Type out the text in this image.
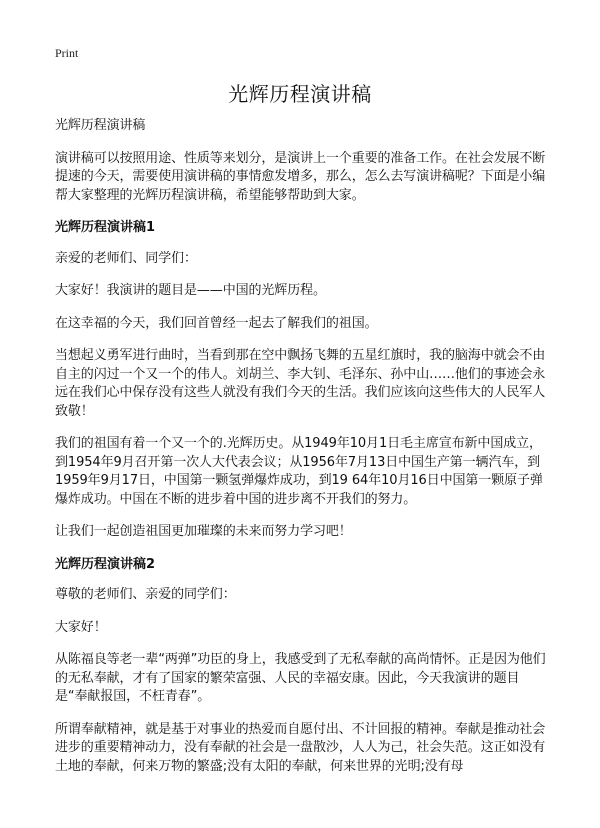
Print
光辉历程演讲稿

光辉历程演讲稿

演讲稿可以按照用途、性质等来划分，是演讲上一个重要的准备工作。在社会发展不断提速的今天，需要使用演讲稿的事情愈发增多，那么，怎么去写演讲稿呢？下面是小编帮大家整理的光辉历程演讲稿，希望能够帮助到大家。

光辉历程演讲稿1

亲爱的老师们、同学们：

大家好！我演讲的题目是——中国的光辉历程。

在这幸福的今天，我们回首曾经一起去了解我们的祖国。

当想起义勇军进行曲时，当看到那在空中飘扬飞舞的五星红旗时，我的脑海中就会不由自主的闪过一个又一个的伟人。刘胡兰、李大钊、毛泽东、孙中山……他们的事迹会永远在我们心中保存没有这些人就没有我们今天的生活。我们应该向这些伟大的人民军人致敬！

我们的祖国有着一个又一个的.光辉历史。从1949年10月1日毛主席宣布新中国成立，到1954年9月召开第一次人大代表会议；从1956年7月13日中国生产第一辆汽车，到1959年9月17日，中国第一颗氢弹爆炸成功，到19 64年10月16日中国第一颗原子弹爆炸成功。中国在不断的进步着中国的进步离不开我们的努力。

让我们一起创造祖国更加璀璨的未来而努力学习吧！

光辉历程演讲稿2

尊敬的老师们、亲爱的同学们：

大家好！

从陈福良等老一辈“两弹”功臣的身上，我感受到了无私奉献的高尚情怀。正是因为他们的无私奉献，才有了国家的繁荣富强、人民的幸福安康。因此，今天我演讲的题目是“奉献报国，不枉青春”。

所谓奉献精神，就是基于对事业的热爱而自愿付出、不计回报的精神。奉献是推动社会进步的重要精神动力，没有奉献的社会是一盘散沙，人人为己，社会失范。这正如没有土地的奉献，何来万物的繁盛;没有太阳的奉献，何来世界的光明;没有母
